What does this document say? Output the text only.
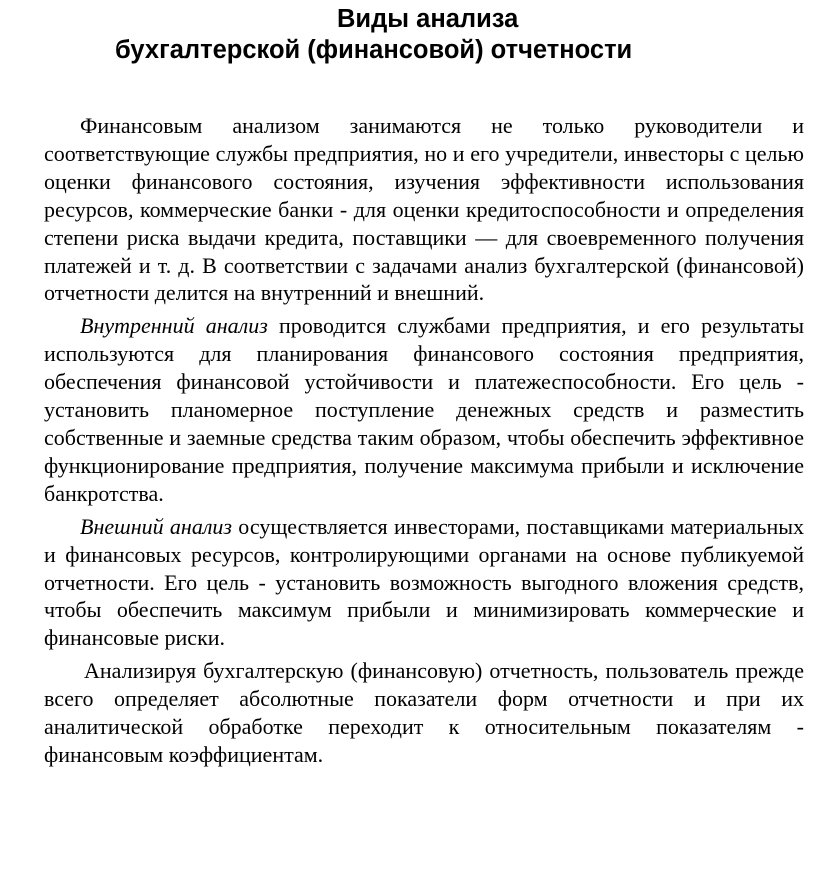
Виды анализа
бухгалтерской (финансовой) отчетности

Финансовым анализом занимаются не только руководители и соответствующие службы предприятия, но и его учредители, инвесторы с целью оценки финансового состояния, изучения эффективности использования ресурсов, коммерческие банки - для оценки кредитоспособности и определения степени риска выдачи кредита, поставщики — для своевременного получения платежей и т. д. В соответствии с задачами анализ бухгалтерской (финансовой) отчетности делится на внутренний и внешний.

Внутренний анализ проводится службами предприятия, и его результаты используются для планирования финансового состояния предприятия, обеспечения финансовой устойчивости и платежеспособности. Его цель - установить планомерное поступление денежных средств и разместить собственные и заемные средства таким образом, чтобы обеспечить эффективное функционирование предприятия, получение максимума прибыли и исключение банкротства.

Внешний анализ осуществляется инвесторами, поставщиками материальных и финансовых ресурсов, контролирующими органами на основе публикуемой отчетности. Его цель - установить возможность выгодного вложения средств, чтобы обеспечить максимум прибыли и минимизировать коммерческие и финансовые риски.

Анализируя бухгалтерскую (финансовую) отчетность, пользователь прежде всего определяет абсолютные показатели форм отчетности и при их аналитической обработке переходит к относительным показателям - финансовым коэффициентам.
